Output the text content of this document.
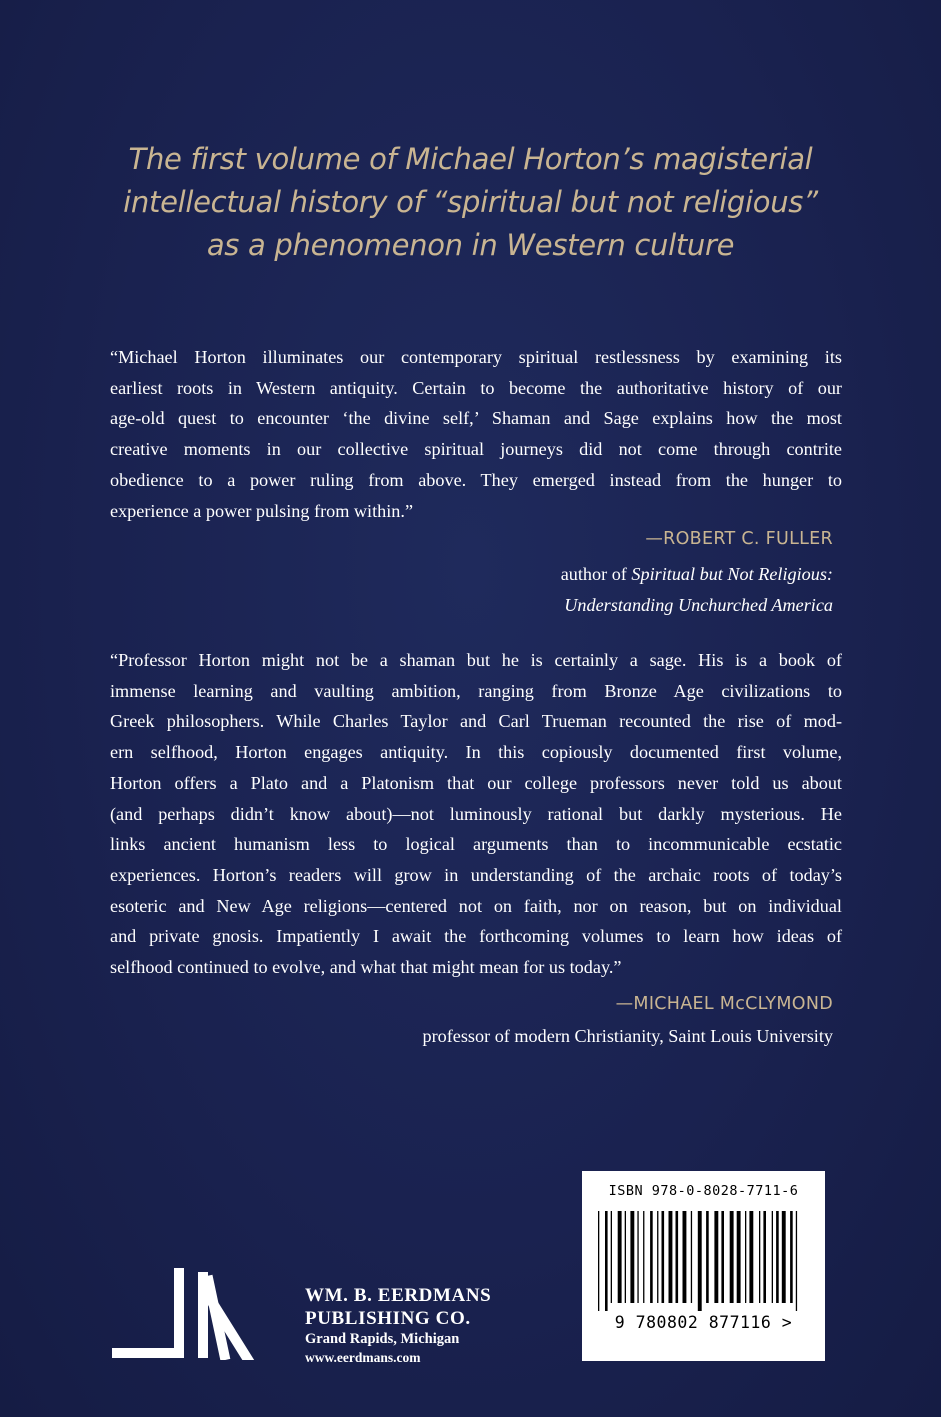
The first volume of Michael Horton’s magisterial
intellectual history of “spiritual but not religious”
as a phenomenon in Western culture
“Michael Horton illuminates our contemporary spiritual restlessness by examining its
earliest roots in Western antiquity. Certain to become the authoritative history of our
age-old quest to encounter ‘the divine self,’ Shaman and Sage explains how the most
creative moments in our collective spiritual journeys did not come through contrite
obedience to a power ruling from above. They emerged instead from the hunger to
experience a power pulsing from within.”
—ROBERT C. FULLER
author of Spiritual but Not Religious:
Understanding Unchurched America
“Professor Horton might not be a shaman but he is certainly a sage. His is a book of
immense learning and vaulting ambition, ranging from Bronze Age civilizations to
Greek philosophers. While Charles Taylor and Carl Trueman recounted the rise of mod-
ern selfhood, Horton engages antiquity. In this copiously documented first volume,
Horton offers a Plato and a Platonism that our college professors never told us about
(and perhaps didn’t know about)—not luminously rational but darkly mysterious. He
links ancient humanism less to logical arguments than to incommunicable ecstatic
experiences. Horton’s readers will grow in understanding of the archaic roots of today’s
esoteric and New Age religions—centered not on faith, nor on reason, but on individual
and private gnosis. Impatiently I await the forthcoming volumes to learn how ideas of
selfhood continued to evolve, and what that might mean for us today.”
—MICHAEL McCLYMOND
professor of modern Christianity, Saint Louis University
WM. B. EERDMANS
PUBLISHING CO.
Grand Rapids, Michigan
www.eerdmans.com
ISBN 978-0-8028-7711-6
9 780802 877116 >
